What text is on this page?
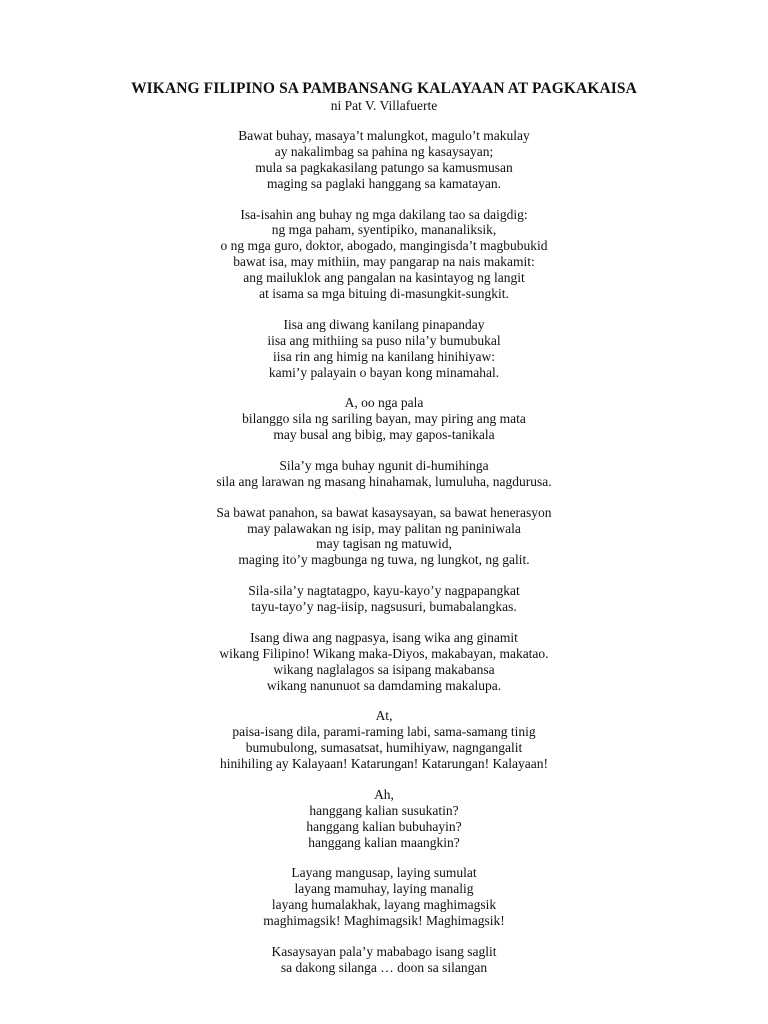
WIKANG FILIPINO SA PAMBANSANG KALAYAAN AT PAGKAKAISA
ni Pat V. Villafuerte
Bawat buhay, masaya’t malungkot, magulo’t makulay
ay nakalimbag sa pahina ng kasaysayan;
mula sa pagkakasilang patungo sa kamusmusan
maging sa paglaki hanggang sa kamatayan.
Isa-isahin ang buhay ng mga dakilang tao sa daigdig:
ng mga paham, syentipiko, mananaliksik,
o ng mga guro, doktor, abogado, mangingisda’t magbubukid
bawat isa, may mithiin, may pangarap na nais makamit:
ang mailuklok ang pangalan na kasintayog ng langit
at isama sa mga bituing di-masungkit-sungkit.
Iisa ang diwang kanilang pinapanday
iisa ang mithiing sa puso nila’y bumubukal
iisa rin ang himig na kanilang hinihiyaw:
kami’y palayain o bayan kong minamahal.
A, oo nga pala
bilanggo sila ng sariling bayan, may piring ang mata
may busal ang bibig, may gapos-tanikala
Sila’y mga buhay ngunit di-humihinga
sila ang larawan ng masang hinahamak, lumuluha, nagdurusa.
Sa bawat panahon, sa bawat kasaysayan, sa bawat henerasyon
may palawakan ng isip, may palitan ng paniniwala
may tagisan ng matuwid,
maging ito’y magbunga ng tuwa, ng lungkot, ng galit.
Sila-sila’y nagtatagpo, kayu-kayo’y nagpapangkat
tayu-tayo’y nag-iisip, nagsusuri, bumabalangkas.
Isang diwa ang nagpasya, isang wika ang ginamit
wikang Filipino! Wikang maka-Diyos, makabayan, makatao.
wikang naglalagos sa isipang makabansa
wikang nanunuot sa damdaming makalupa.
At,
paisa-isang dila, parami-raming labi, sama-samang tinig
bumubulong, sumasatsat, humihiyaw, nagngangalit
hinihiling ay Kalayaan! Katarungan! Katarungan! Kalayaan!
Ah,
hanggang kalian susukatin?
hanggang kalian bubuhayin?
hanggang kalian maangkin?
Layang mangusap, laying sumulat
layang mamuhay, laying manalig
layang humalakhak, layang maghimagsik
maghimagsik! Maghimagsik! Maghimagsik!
Kasaysayan pala’y mababago isang saglit
sa dakong silanga … doon sa silangan
